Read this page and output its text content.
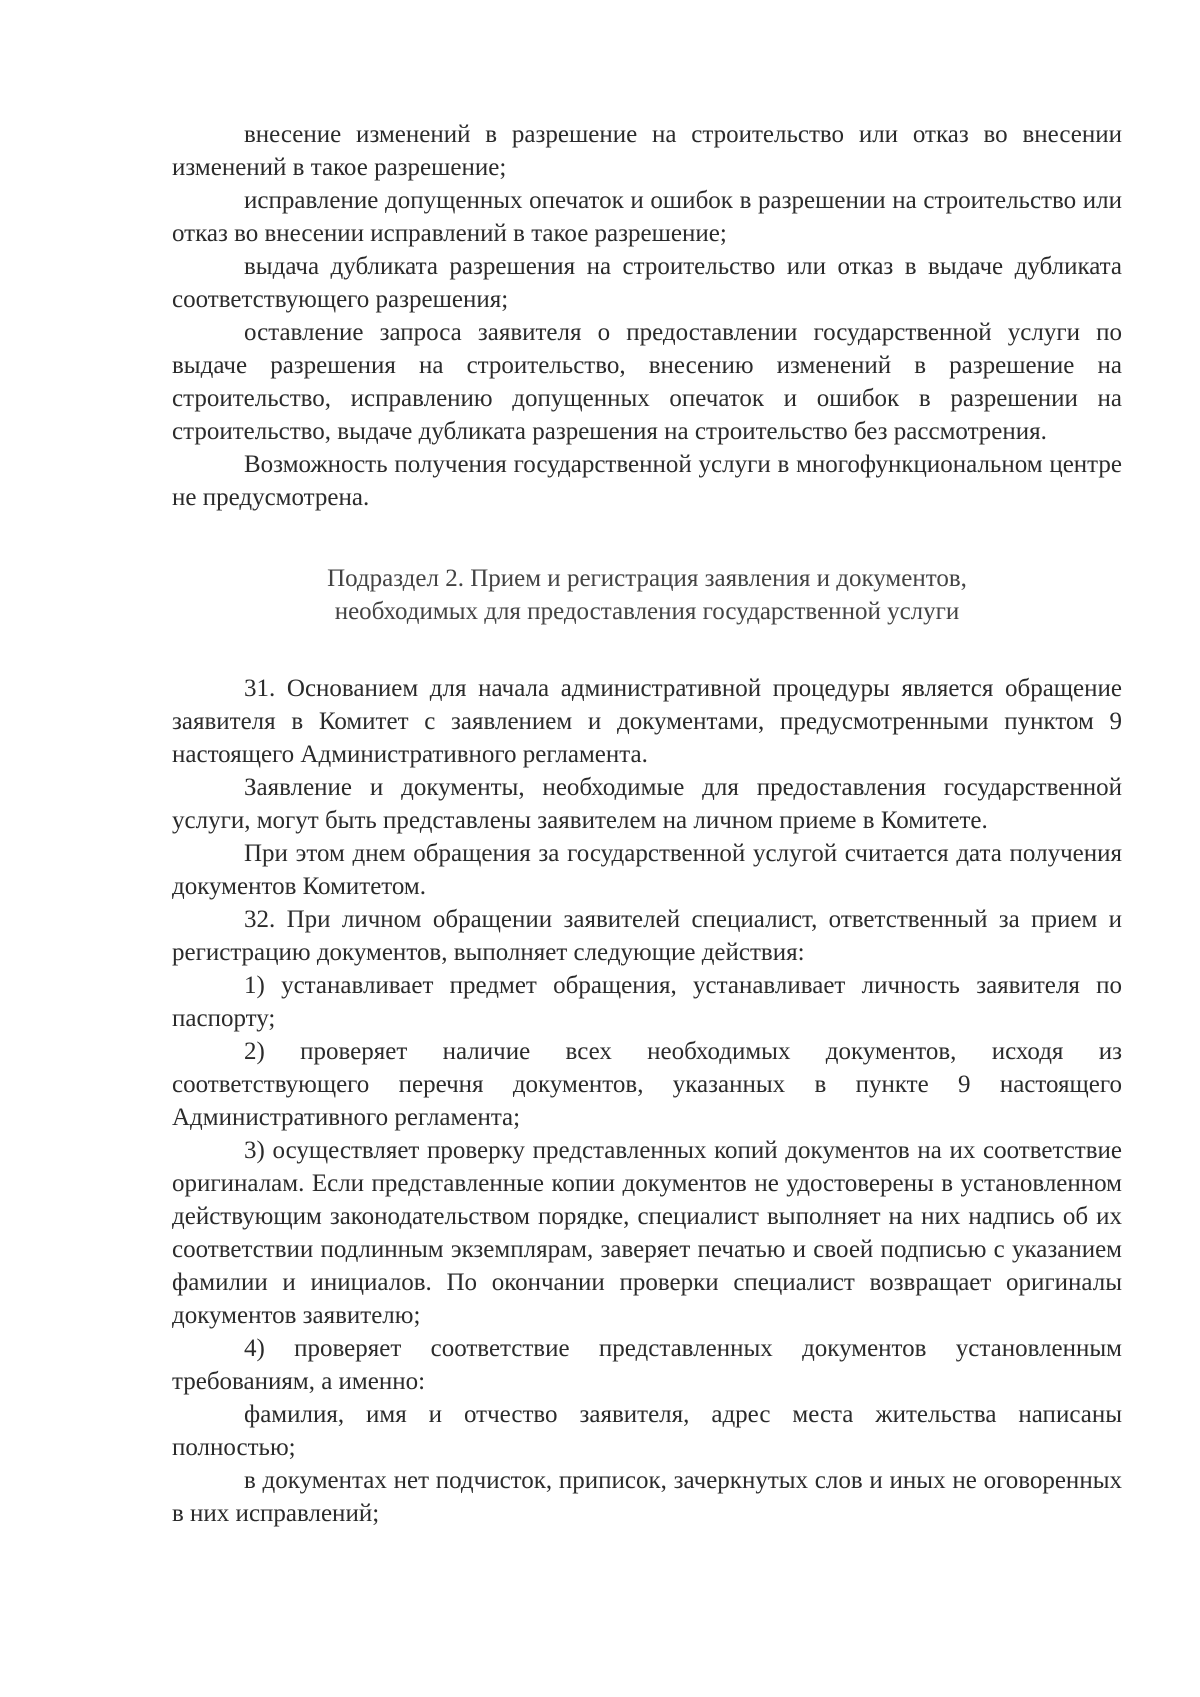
внесение изменений в разрешение на строительство или отказ во внесении изменений в такое разрешение;

исправление допущенных опечаток и ошибок в разрешении на строительство или отказ во внесении исправлений в такое разрешение;

выдача дубликата разрешения на строительство или отказ в выдаче дубликата соответствующего разрешения;

оставление запроса заявителя о предоставлении государственной услуги по выдаче разрешения на строительство, внесению изменений в разрешение на строительство, исправлению допущенных опечаток и ошибок в разрешении на строительство, выдаче дубликата разрешения на строительство без рассмотрения.

Возможность получения государственной услуги в многофункциональном центре не предусмотрена.

Подраздел 2. Прием и регистрация заявления и документов,
необходимых для предоставления государственной услуги

31. Основанием для начала административной процедуры является обращение заявителя в Комитет с заявлением и документами, предусмотренными пунктом 9 настоящего Административного регламента.

Заявление и документы, необходимые для предоставления государственной услуги, могут быть представлены заявителем на личном приеме в Комитете.

При этом днем обращения за государственной услугой считается дата получения документов Комитетом.

32. При личном обращении заявителей специалист, ответственный за прием и регистрацию документов, выполняет следующие действия:

1) устанавливает предмет обращения, устанавливает личность заявителя по паспорту;

2) проверяет наличие всех необходимых документов, исходя из соответствующего перечня документов, указанных в пункте 9 настоящего Административного регламента;

3) осуществляет проверку представленных копий документов на их соответствие оригиналам. Если представленные копии документов не удостоверены в установленном действующим законодательством порядке, специалист выполняет на них надпись об их соответствии подлинным экземплярам, заверяет печатью и своей подписью с указанием фамилии и инициалов. По окончании проверки специалист возвращает оригиналы документов заявителю;

4) проверяет соответствие представленных документов установленным требованиям, а именно:

фамилия, имя и отчество заявителя, адрес места жительства написаны полностью;

в документах нет подчисток, приписок, зачеркнутых слов и иных не оговоренных в них исправлений;
